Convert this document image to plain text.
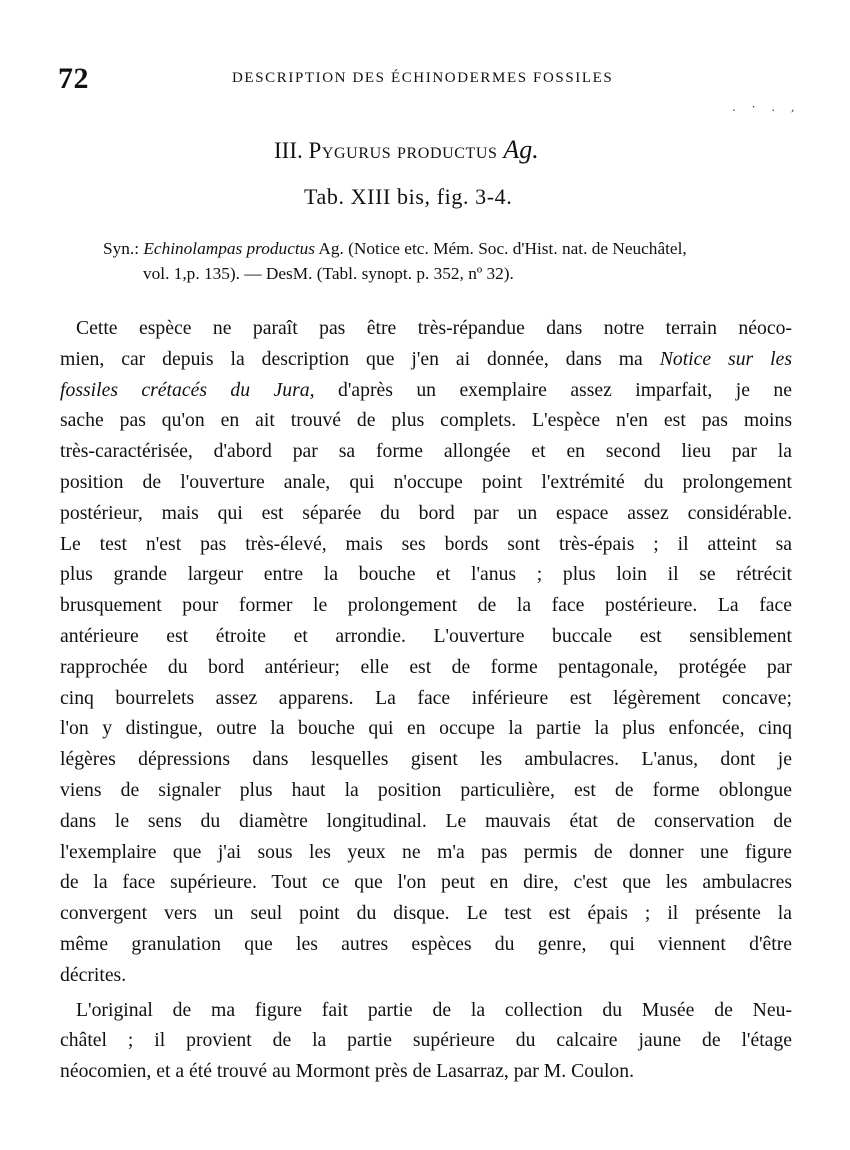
72	DESCRIPTION DES ÉCHINODERMES FOSSILES
. · . ,
III. Pygurus productus Ag.
Tab. XIII bis, fig. 3-4.
Syn.: Echinolampas productus Ag. (Notice etc. Mém. Soc. d'Hist. nat. de Neuchâtel,
vol. 1,p. 135). — DesM. (Tabl. synopt. p. 352, nº 32).
Cette espèce ne paraît pas être très-répandue dans notre terrain néoco-
mien, car depuis la description que j'en ai donnée, dans ma Notice sur les
fossiles crétacés du Jura, d'après un exemplaire assez imparfait, je ne
sache pas qu'on en ait trouvé de plus complets. L'espèce n'en est pas moins
très-caractérisée, d'abord par sa forme allongée et en second lieu par la
position de l'ouverture anale, qui n'occupe point l'extrémité du prolongement
postérieur, mais qui est séparée du bord par un espace assez considérable.
Le test n'est pas très-élevé, mais ses bords sont très-épais ; il atteint sa
plus grande largeur entre la bouche et l'anus ; plus loin il se rétrécit
brusquement pour former le prolongement de la face postérieure. La face
antérieure est étroite et arrondie. L'ouverture buccale est sensiblement
rapprochée du bord antérieur; elle est de forme pentagonale, protégée par
cinq bourrelets assez apparens. La face inférieure est légèrement concave;
l'on y distingue, outre la bouche qui en occupe la partie la plus enfoncée, cinq
légères dépressions dans lesquelles gisent les ambulacres. L'anus, dont je
viens de signaler plus haut la position particulière, est de forme oblongue
dans le sens du diamètre longitudinal. Le mauvais état de conservation de
l'exemplaire que j'ai sous les yeux ne m'a pas permis de donner une figure
de la face supérieure. Tout ce que l'on peut en dire, c'est que les ambulacres
convergent vers un seul point du disque. Le test est épais ; il présente la
même granulation que les autres espèces du genre, qui viennent d'être
décrites.
L'original de ma figure fait partie de la collection du Musée de Neu-
châtel ; il provient de la partie supérieure du calcaire jaune de l'étage
néocomien, et a été trouvé au Mormont près de Lasarraz, par M. Coulon.
